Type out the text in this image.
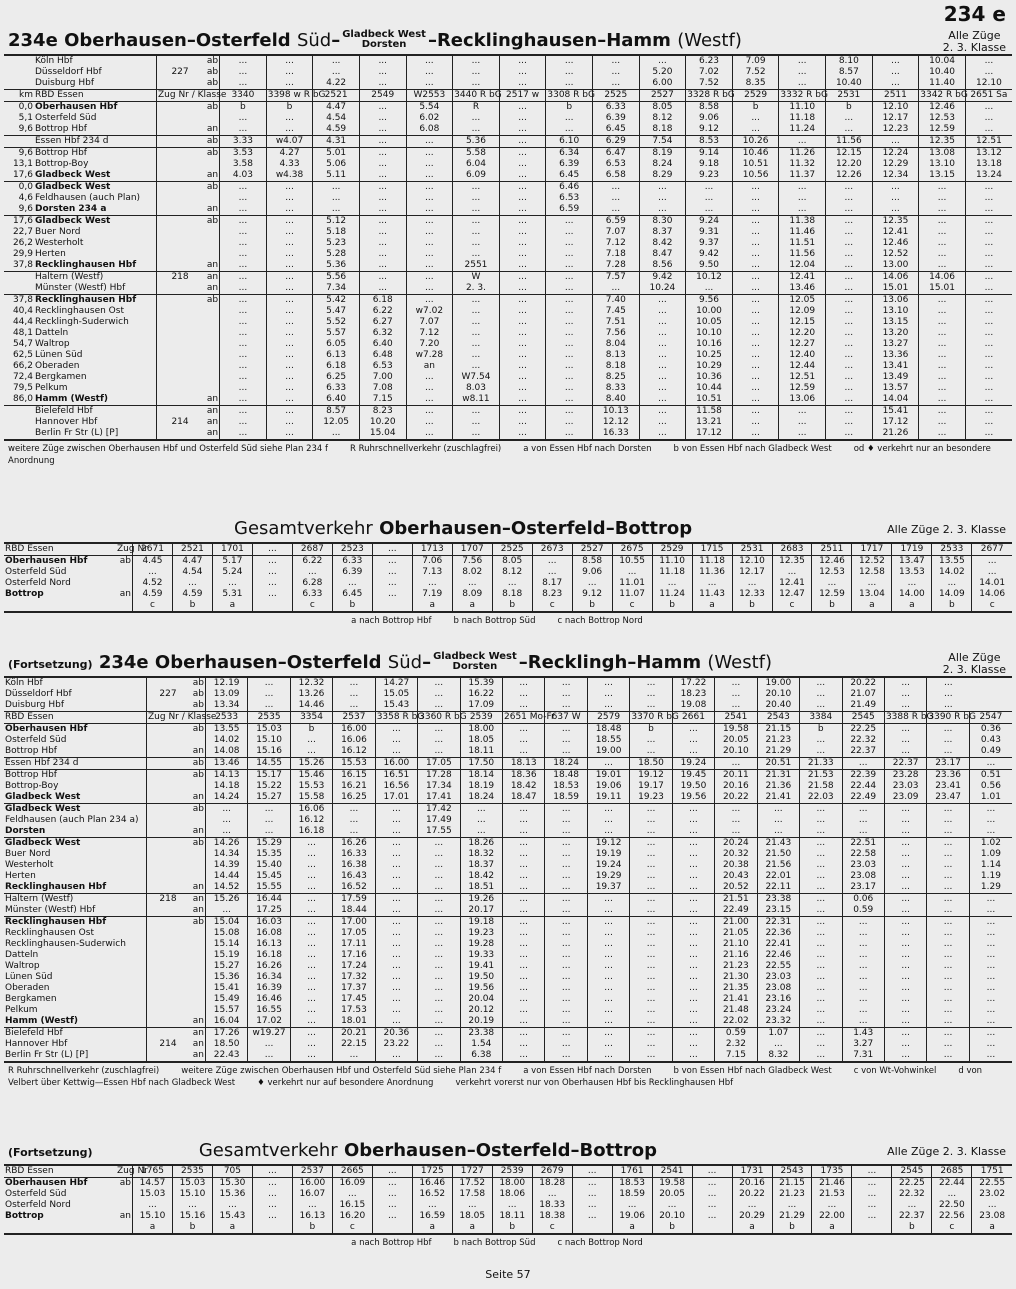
234 e
234e Oberhausen–Osterfeld Süd– Gladbeck West
Dorsten	–Recklinghausen–Hamm (Westf)	Alle Züge
2. 3. Klasse
	Köln Hbf		ab	...	...	...	...	...	...	...	...	...	...	6.23	7.09	...	8.10	...	10.04	...
	Düsseldorf Hbf	227	ab	...	...	...	...	...	...	...	...	...	5.20	7.02	7.52	...	8.57	...	10.40	...
	Duisburg Hbf		ab	...	...	4.22	...	...	...	...	...	...	6.00	7.52	8.35	...	10.40	...	11.40	12.10
km	RBD Essen	Zug Nr / Klasse		3340	3398 w R bG	2521	2549	W2553	3440 R bG	2517 w	3308 R bG	2525	2527	3328 R bG	2529	3332 R bG	2531	2511	3342 R bG	2651 Sa
0,0	Oberhausen Hbf		ab	b	b	4.47	...	5.54	R	...	b	6.33	8.05	8.58	b	11.10	b	12.10	12.46	...
5,1	Osterfeld Süd			...	...	4.54	...	6.02	...	...	...	6.39	8.12	9.06	...	11.18	...	12.17	12.53	...
9,6	Bottrop Hbf		an	...	...	4.59	...	6.08	...	...	...	6.45	8.18	9.12	...	11.24	...	12.23	12.59	...
	Essen Hbf 234 d		ab	3.33	w4.07	4.31	...	...	5.36	...	6.10	6.29	7.54	8.53	10.26	...	11.56	...	12.35	12.51
9,6	Bottrop Hbf		ab	3.53	4.27	5.01	...	...	5.58	...	6.34	6.47	8.19	9.14	10.46	11.26	12.15	12.24	13.08	13.12
13,1	Bottrop-Boy			3.58	4.33	5.06	...	...	6.04	...	6.39	6.53	8.24	9.18	10.51	11.32	12.20	12.29	13.10	13.18
17,6	Gladbeck West		an	4.03	w4.38	5.11	...	...	6.09	...	6.45	6.58	8.29	9.23	10.56	11.37	12.26	12.34	13.15	13.24
0,0	Gladbeck West		ab	...	...	...	...	...	...	...	6.46	...	...	...	...	...	...	...	...	...
4,6	Feldhausen (auch Plan)			...	...	...	...	...	...	...	6.53	...	...	...	...	...	...	...	...	...
9,6	Dorsten 234 a		an	...	...	...	...	...	...	...	6.59	...	...	...	...	...	...	...	...	...
17,6	Gladbeck West		ab	...	...	5.12	...	...	...	...	...	6.59	8.30	9.24	...	11.38	...	12.35	...	...
22,7	Buer Nord			...	...	5.18	...	...	...	...	...	7.07	8.37	9.31	...	11.46	...	12.41	...	...
26,2	Westerholt			...	...	5.23	...	...	...	...	...	7.12	8.42	9.37	...	11.51	...	12.46	...	...
29,9	Herten			...	...	5.28	...	...	...	...	...	7.18	8.47	9.42	...	11.56	...	12.52	...	...
37,8	Recklinghausen Hbf		an	...	...	5.36	...	...	2551	...	...	7.28	8.56	9.50	...	12.04	...	13.00	...	...
	Haltern (Westf)	218	an	...	...	5.56	...	...	W	...	...	7.57	9.42	10.12	...	12.41	...	14.06	14.06	...
	Münster (Westf) Hbf		an	...	...	7.34	...	...	2. 3.	...	...	...	10.24	...	...	13.46	...	15.01	15.01	...
37,8	Recklinghausen Hbf		ab	...	...	5.42	6.18	...	...	...	...	7.40	...	9.56	...	12.05	...	13.06	...	...
40,4	Recklinghausen Ost			...	...	5.47	6.22	w7.02	...	...	...	7.45	...	10.00	...	12.09	...	13.10	...	...
44,4	Recklingh-Suderwich			...	...	5.52	6.27	7.07	...	...	...	7.51	...	10.05	...	12.15	...	13.15	...	...
48,1	Datteln			...	...	5.57	6.32	7.12	...	...	...	7.56	...	10.10	...	12.20	...	13.20	...	...
54,7	Waltrop			...	...	6.05	6.40	7.20	...	...	...	8.04	...	10.16	...	12.27	...	13.27	...	...
62,5	Lünen Süd			...	...	6.13	6.48	w7.28	...	...	...	8.13	...	10.25	...	12.40	...	13.36	...	...
66,2	Oberaden			...	...	6.18	6.53	an	...	...	...	8.18	...	10.29	...	12.44	...	13.41	...	...
72,4	Bergkamen			...	...	6.25	7.00	...	W7.54	...	...	8.25	...	10.36	...	12.51	...	13.49	...	...
79,5	Pelkum			...	...	6.33	7.08	...	8.03	...	...	8.33	...	10.44	...	12.59	...	13.57	...	...
86,0	Hamm (Westf)		an	...	...	6.40	7.15	...	w8.11	...	...	8.40	...	10.51	...	13.06	...	14.04	...	...
	Bielefeld Hbf		an	...	...	8.57	8.23	...	...	...	...	10.13	...	11.58	...	...	...	15.41	...	...
	Hannover Hbf	214	an	...	...	12.05	10.20	...	...	...	...	12.12	...	13.21	...	...	...	17.12	...	...
	Berlin Fr Str (L) [P]		an	...	...	...	15.04	...	...	...	...	16.33	...	17.12	...	...	...	21.26	...	...
weitere Züge zwischen Oberhausen Hbf und Osterfeld Süd siehe Plan 234 f	R Ruhrschnellverkehr (zuschlagfrei)	a von Essen Hbf nach Dorsten	b von Essen Hbf nach Gladbeck West	od ♦ verkehrt nur an besondere Anordnung
Gesamtverkehr Oberhausen–Osterfeld–Bottrop	Alle Züge 2. 3. Klasse
RBD Essen	Zug Nr	2671	2521	1701	...	2687	2523	...	1713	1707	2525	2673	2527	2675	2529	1715	2531	2683	2511	1717	1719	2533	2677
Oberhausen Hbf	ab	4.45	4.47	5.17	...	6.22	6.33	...	7.06	7.56	8.05	...	8.58	10.55	11.10	11.18	12.10	12.35	12.46	12.52	13.47	13.55	...
Osterfeld Süd		...	4.54	5.24	...	...	6.39	...	7.13	8.02	8.12	...	9.06	...	11.18	11.36	12.17	...	12.53	12.58	13.53	14.02	...
Osterfeld Nord		4.52	...	...	...	6.28	...	...	...	...	...	8.17	...	11.01	...	...	...	12.41	...	...	...	...	14.01
Bottrop	an	4.59	4.59	5.31	...	6.33	6.45	...	7.19	8.09	8.18	8.23	9.12	11.07	11.24	11.43	12.33	12.47	12.59	13.04	14.00	14.09	14.06
		c	b	a		c	b		a	a	b	c	b	c	b	a	b	c	b	a	a	b	c
a nach Bottrop Hbf	b nach Bottrop Süd	c nach Bottrop Nord
(Fortsetzung) 234e Oberhausen–Osterfeld Süd– Gladbeck West
Dorsten	–Recklingh–Hamm (Westf)	Alle Züge
2. 3. Klasse
Köln Hbf		ab	12.19	...	12.32	...	14.27	...	15.39	...	...	...	...	17.22	...	19.00	...	20.22	...	...	
Düsseldorf Hbf	227	ab	13.09	...	13.26	...	15.05	...	16.22	...	...	...	...	18.23	...	20.10	...	21.07	...	...	
Duisburg Hbf		ab	13.34	...	14.46	...	15.43	...	17.09	...	...	...	...	19.08	...	20.40	...	21.49	...	...	
RBD Essen	Zug Nr / Klasse		2533	2535	3354	2537	3358 R bG	3360 R bG	2539	2651 Mo-Fr	637 W	2579	3370 R bG	2661	2541	2543	3384	2545	3388 R bG	3390 R bG	2547
Oberhausen Hbf		ab	13.55	15.03	b	16.00	...	...	18.00	...	...	18.48	b	...	19.58	21.15	b	22.25	...	...	0.36
Osterfeld Süd			14.02	15.10	...	16.06	...	...	18.05	...	...	18.55	...	...	20.05	21.23	...	22.32	...	...	0.43
Bottrop Hbf		an	14.08	15.16	...	16.12	...	...	18.11	...	...	19.00	...	...	20.10	21.29	...	22.37	...	...	0.49
Essen Hbf 234 d		ab	13.46	14.55	15.26	15.53	16.00	17.05	17.50	18.13	18.24	...	18.50	19.24	...	20.51	21.33	...	22.37	23.17	...
Bottrop Hbf		ab	14.13	15.17	15.46	16.15	16.51	17.28	18.14	18.36	18.48	19.01	19.12	19.45	20.11	21.31	21.53	22.39	23.28	23.36	0.51
Bottrop-Boy			14.18	15.22	15.53	16.21	16.56	17.34	18.19	18.42	18.53	19.06	19.17	19.50	20.16	21.36	21.58	22.44	23.03	23.41	0.56
Gladbeck West		an	14.24	15.27	15.58	16.25	17.01	17.41	18.24	18.47	18.59	19.11	19.23	19.56	20.22	21.41	22.03	22.49	23.09	23.47	1.01
Gladbeck West		ab	...	...	16.06	...	...	17.42	...	...	...	...	...	...	...	...	...	...	...	...	...
Feldhausen (auch Plan 234 a)			...	...	16.12	...	...	17.49	...	...	...	...	...	...	...	...	...	...	...	...	...
Dorsten		an	...	...	16.18	...	...	17.55	...	...	...	...	...	...	...	...	...	...	...	...	...
Gladbeck West		ab	14.26	15.29	...	16.26	...	...	18.26	...	...	19.12	...	...	20.24	21.43	...	22.51	...	...	1.02
Buer Nord			14.34	15.35	...	16.33	...	...	18.32	...	...	19.19	...	...	20.32	21.50	...	22.58	...	...	1.09
Westerholt			14.39	15.40	...	16.38	...	...	18.37	...	...	19.24	...	...	20.38	21.56	...	23.03	...	...	1.14
Herten			14.44	15.45	...	16.43	...	...	18.42	...	...	19.29	...	...	20.43	22.01	...	23.08	...	...	1.19
Recklinghausen Hbf		an	14.52	15.55	...	16.52	...	...	18.51	...	...	19.37	...	...	20.52	22.11	...	23.17	...	...	1.29
Haltern (Westf)	218	an	15.26	16.44	...	17.59	...	...	19.26	...	...	...	...	...	21.51	23.38	...	0.06	...	...	...
Münster (Westf) Hbf		an	...	17.25	...	18.44	...	...	20.17	...	...	...	...	...	22.49	23.15	...	0.59	...	...	...
Recklinghausen Hbf		ab	15.04	16.03	...	17.00	...	...	19.18	...	...	...	...	...	21.00	22.31	...	...	...	...	...
Recklinghausen Ost			15.08	16.08	...	17.05	...	...	19.23	...	...	...	...	...	21.05	22.36	...	...	...	...	...
Recklinghausen-Suderwich			15.14	16.13	...	17.11	...	...	19.28	...	...	...	...	...	21.10	22.41	...	...	...	...	...
Datteln			15.19	16.18	...	17.16	...	...	19.33	...	...	...	...	...	21.16	22.46	...	...	...	...	...
Waltrop			15.27	16.26	...	17.24	...	...	19.41	...	...	...	...	...	21.23	22.55	...	...	...	...	...
Lünen Süd			15.36	16.34	...	17.32	...	...	19.50	...	...	...	...	...	21.30	23.03	...	...	...	...	...
Oberaden			15.41	16.39	...	17.37	...	...	19.56	...	...	...	...	...	21.35	23.08	...	...	...	...	...
Bergkamen			15.49	16.46	...	17.45	...	...	20.04	...	...	...	...	...	21.41	23.16	...	...	...	...	...
Pelkum			15.57	16.55	...	17.53	...	...	20.12	...	...	...	...	...	21.48	23.24	...	...	...	...	...
Hamm (Westf)		an	16.04	17.02	...	18.01	...	...	20.19	...	...	...	...	...	22.02	23.32	...	...	...	...	...
Bielefeld Hbf		an	17.26	w19.27	...	20.21	20.36	...	23.38	...	...	...	...	...	0.59	1.07	...	1.43	...	...	...
Hannover Hbf	214	an	18.50	...	...	22.15	23.22	...	1.54	...	...	...	...	...	2.32	...	...	3.27	...	...	...
Berlin Fr Str (L) [P]		an	22.43	...	...	...	...	...	6.38	...	...	...	...	...	7.15	8.32	...	7.31	...	...	...
R Ruhrschnellverkehr (zuschlagfrei)	weitere Züge zwischen Oberhausen Hbf und Osterfeld Süd siehe Plan 234 f	a von Essen Hbf nach Dorsten	b von Essen Hbf nach Gladbeck West	c von Wt-Vohwinkel	d von Velbert über Kettwig—Essen Hbf nach Gladbeck West	♦ verkehrt nur auf besondere Anordnung	verkehrt vorerst nur von Oberhausen Hbf bis Recklinghausen Hbf
(Fortsetzung)	Gesamtverkehr Oberhausen–Osterfeld–Bottrop	Alle Züge 2. 3. Klasse
RBD Essen	Zug Nr	1765	2535	705	...	2537	2665	...	1725	1727	2539	2679	...	1761	2541	...	1731	2543	1735	...	2545	2685	1751
Oberhausen Hbf	ab	14.57	15.03	15.30	...	16.00	16.09	...	16.46	17.52	18.00	18.28	...	18.53	19.58	...	20.16	21.15	21.46	...	22.25	22.44	22.55
Osterfeld Süd		15.03	15.10	15.36	...	16.07	...	...	16.52	17.58	18.06	...	...	18.59	20.05	...	20.22	21.23	21.53	...	22.32	...	23.02
Osterfeld Nord		...	...	...	...	...	16.15	...	...	...	...	18.33	...	...	...	...	...	...	...	...	...	22.50	...
Bottrop	an	15.10	15.16	15.43	...	16.13	16.20	...	16.59	18.05	18.11	18.38	...	19.06	20.10	...	20.29	21.29	22.00	...	22.37	22.56	23.08
		a	b	a		b	c		a	a	b	c		a	b		a	b	a		b	c	a
a nach Bottrop Hbf	b nach Bottrop Süd	c nach Bottrop Nord
Seite 57
